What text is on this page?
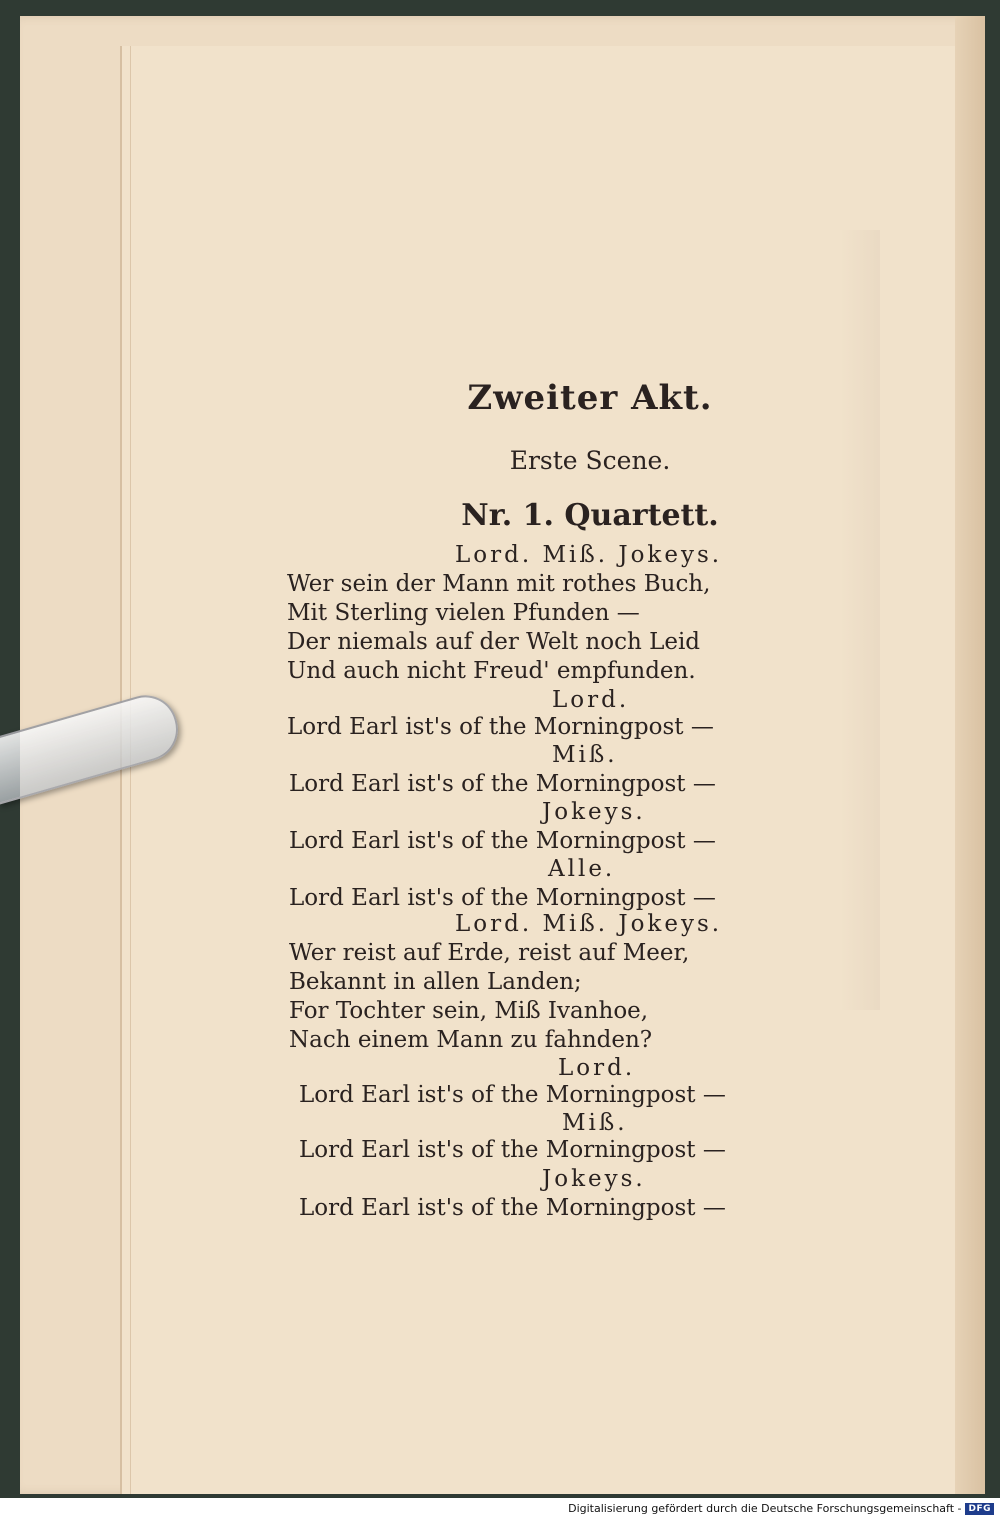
Zweiter Akt.
Erste Scene.
Nr. 1. Quartett.
Lord. Miß. Jokeys.
Wer sein der Mann mit rothes Buch,
Mit Sterling vielen Pfunden —
Der niemals auf der Welt noch Leid
Und auch nicht Freud' empfunden.
Lord.
Lord Earl ist's of the Morningpost —
Miß.
Lord Earl ist's of the Morningpost —
Jokeys.
Lord Earl ist's of the Morningpost —
Alle.
Lord Earl ist's of the Morningpost —
Lord. Miß. Jokeys.
Wer reist auf Erde, reist auf Meer,
Bekannt in allen Landen;
For Tochter sein, Miß Ivanhoe,
Nach einem Mann zu fahnden?
Lord.
Lord Earl ist's of the Morningpost —
Miß.
Lord Earl ist's of the Morningpost —
Jokeys.
Lord Earl ist's of the Morningpost —
Digitalisierung gefördert durch die Deutsche Forschungsgemeinschaft - DFG
